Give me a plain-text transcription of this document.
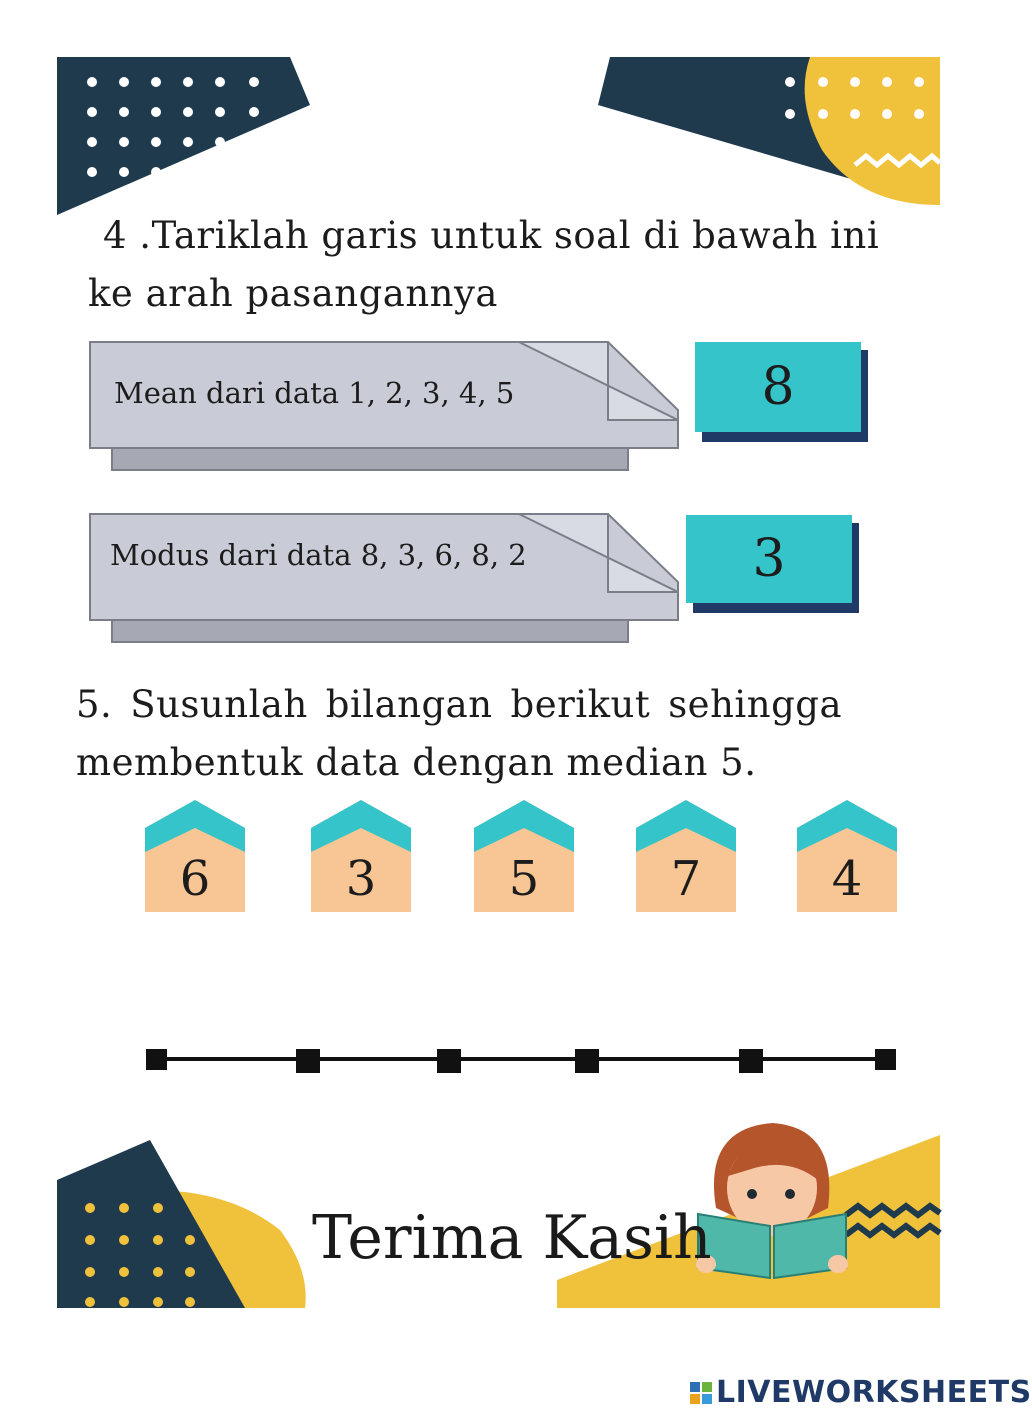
4 .Tariklah garis untuk soal di bawah ini
ke arah pasangannya
Mean dari data 1, 2, 3, 4, 5
Modus dari data 8, 3, 6, 8, 2
8
3
5. Susunlah bilangan berikut sehingga
membentuk data dengan median 5.
6	3	5	7	4
Terima Kasih
LIVEWORKSHEETS
